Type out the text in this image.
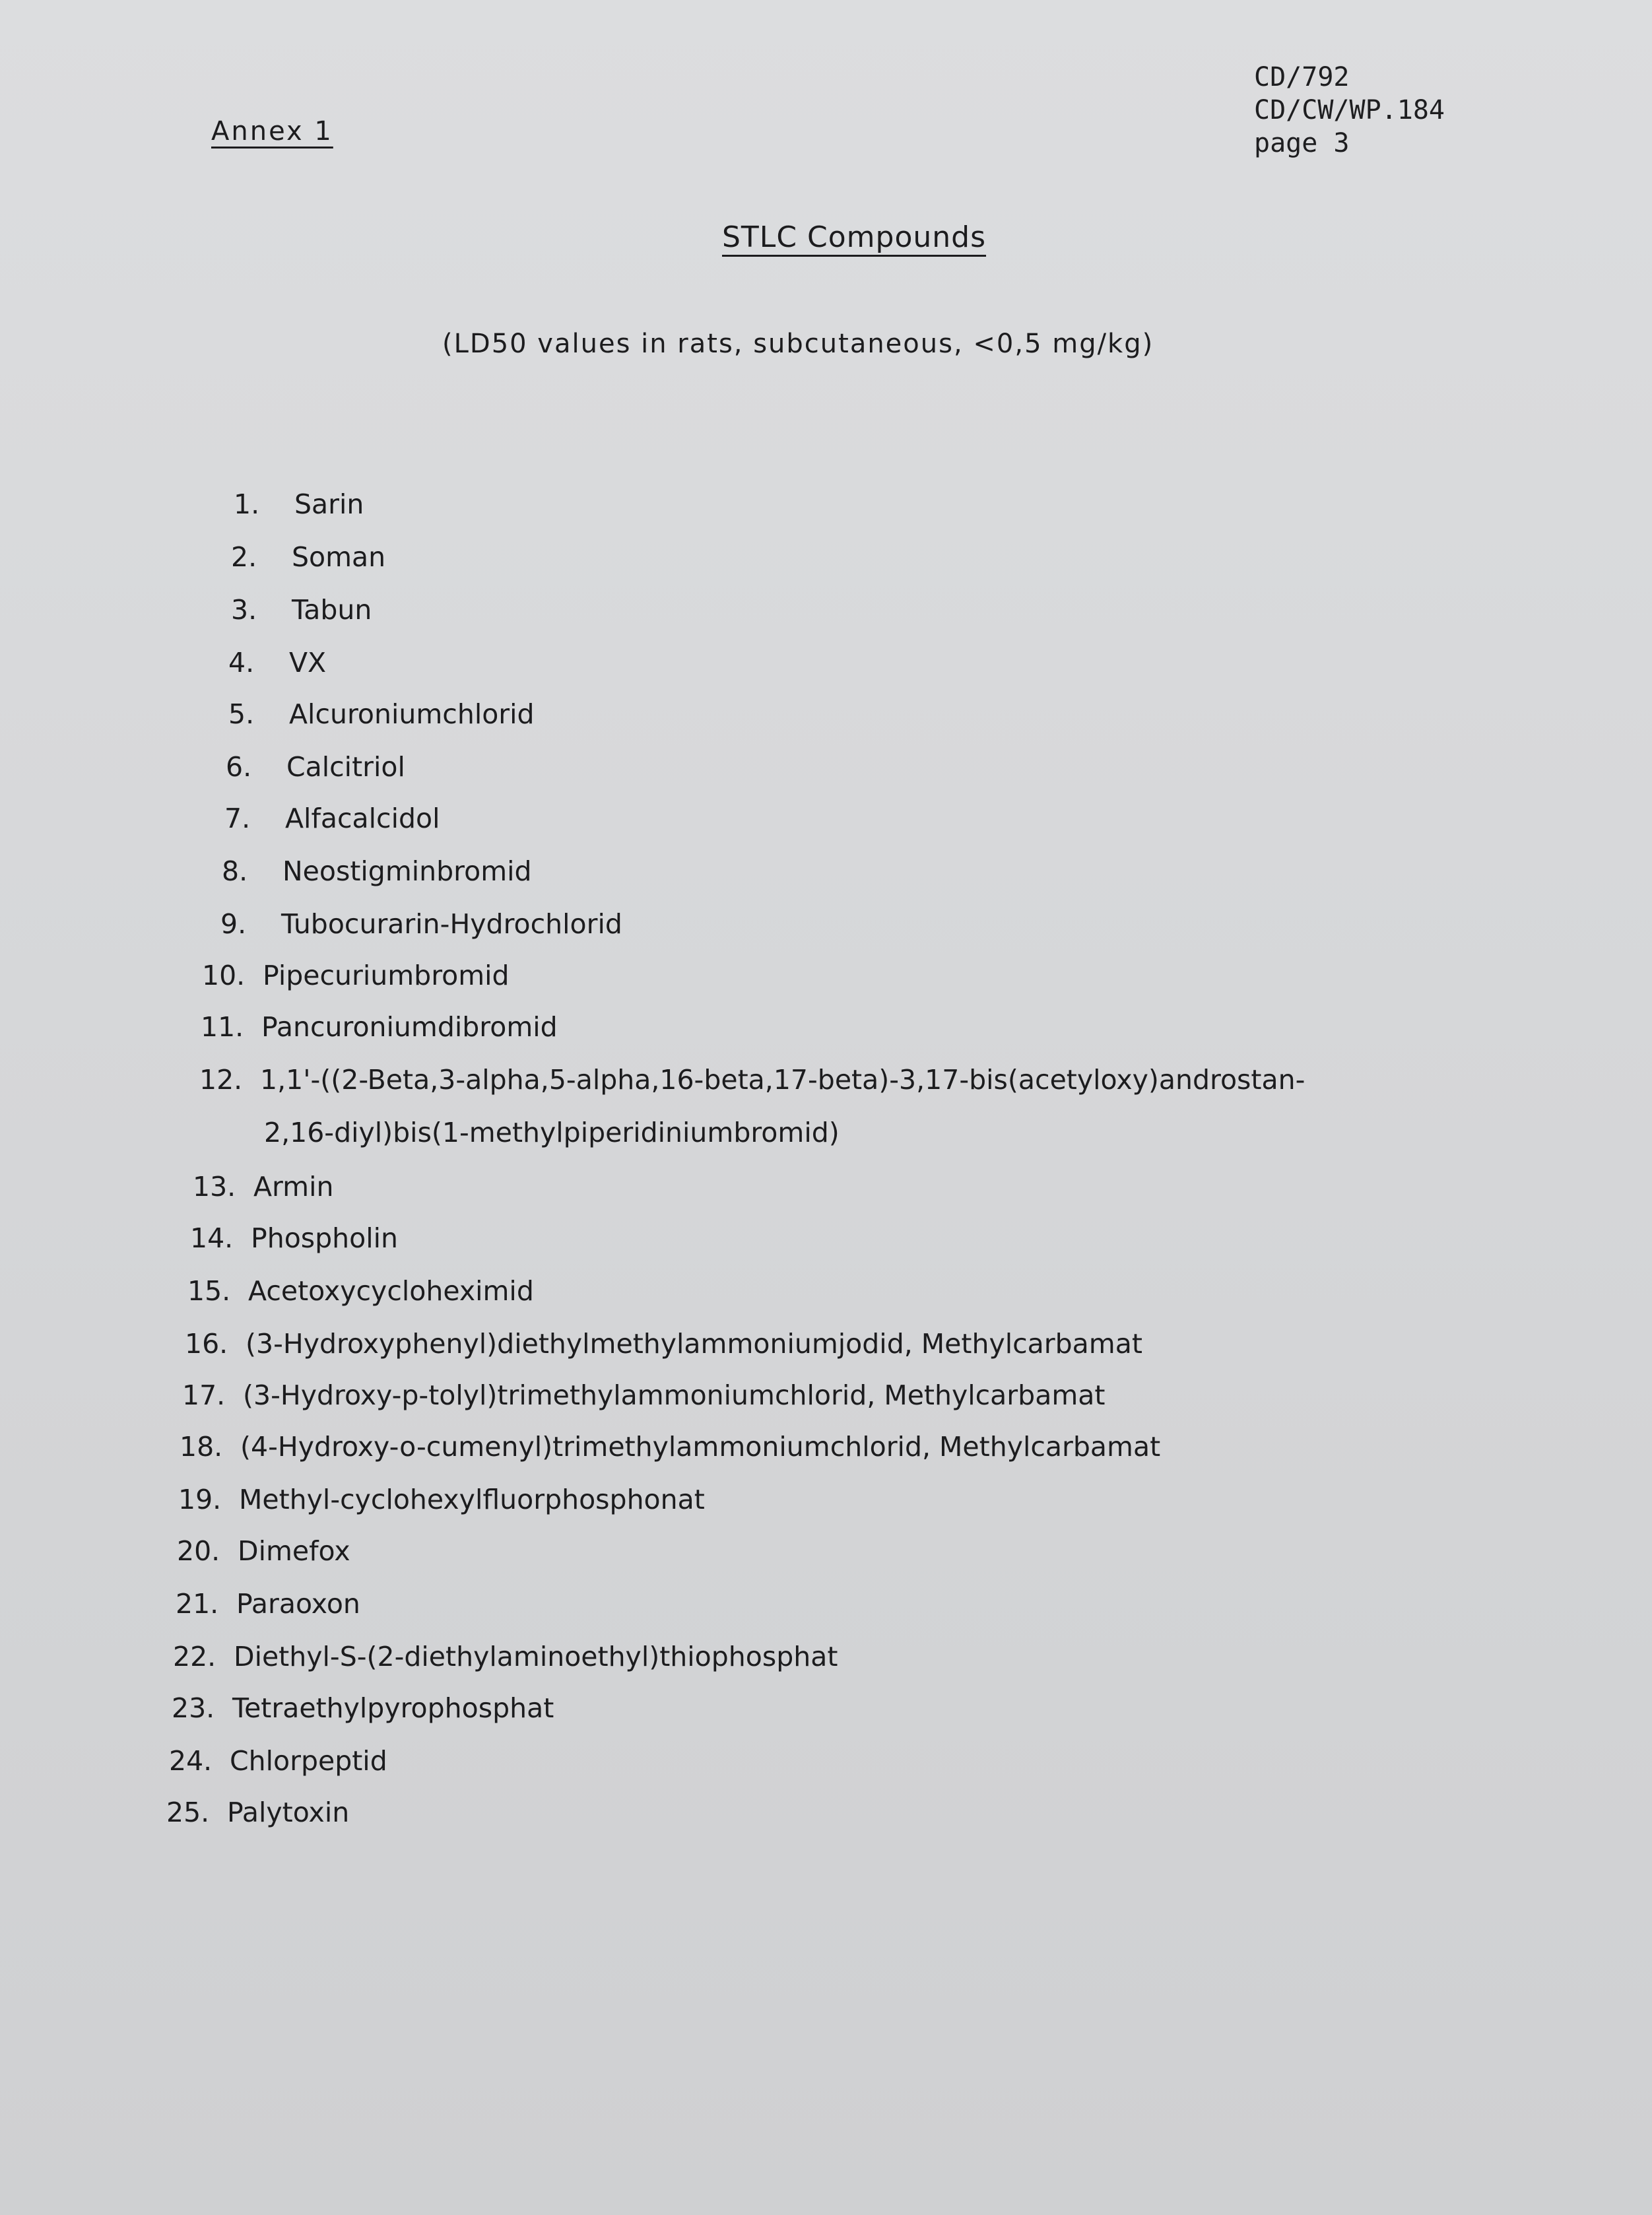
CD/792
CD/CW/WP.184
page 3
Annex 1
STLC Compounds
(LD50 values in rats, subcutaneous, <0,5 mg/kg)
1. Sarin
2. Soman
3. Tabun
4. VX
5. Alcuroniumchlorid
6. Calcitriol
7. Alfacalcidol
8. Neostigminbromid
9. Tubocurarin-Hydrochlorid
10. Pipecuriumbromid
11. Pancuroniumdibromid
12. 1,1'-((2-Beta,3-alpha,5-alpha,16-beta,17-beta)-3,17-bis(acetyloxy)androstan-
2,16-diyl)bis(1-methylpiperidiniumbromid)
13. Armin
14. Phospholin
15. Acetoxycycloheximid
16. (3-Hydroxyphenyl)diethylmethylammoniumjodid, Methylcarbamat
17. (3-Hydroxy-p-tolyl)trimethylammoniumchlorid, Methylcarbamat
18. (4-Hydroxy-o-cumenyl)trimethylammoniumchlorid, Methylcarbamat
19. Methyl-cyclohexylfluorphosphonat
20. Dimefox
21. Paraoxon
22. Diethyl-S-(2-diethylaminoethyl)thiophosphat
23. Tetraethylpyrophosphat
24. Chlorpeptid
25. Palytoxin
